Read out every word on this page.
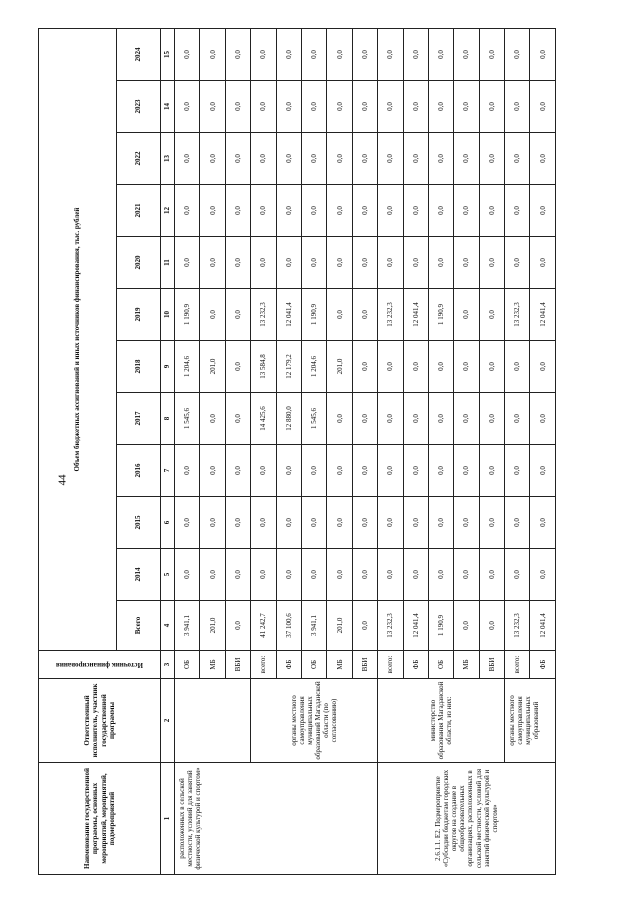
44
Наименование государственной программы, основных мероприятий, мероприятий, подмероприятий	Ответственный исполнитель, участник государственной программы	Источник финансирования	Объем бюджетных ассигнований и иных источников финансирования, тыс. рублей											
			Всего	2014	2015	2016	2017	2018	2019	2020	2021	2022	2023	2024
1	2	3	4	5	6	7	8	9	10	11	12	13	14	15
расположенных в сельской местности, условий для занятий физической культурой и спортом»		ОБ	3 941,1	0,0	0,0	0,0	1 545,6	1 204,6	1 190,9	0,0	0,0	0,0	0,0	0,0
		МБ	201,0	0,0	0,0	0,0	0,0	201,0	0,0	0,0	0,0	0,0	0,0	0,0
		ВБИ	0,0	0,0	0,0	0,0	0,0	0,0	0,0	0,0	0,0	0,0	0,0	0,0
	органы местного самоуправления муниципальных образований Магаданской области (по согласованию)	всего:	41 242,7	0,0	0,0	0,0	14 425,6	13 584,8	13 232,3	0,0	0,0	0,0	0,0	0,0
		ФБ	37 100,6	0,0	0,0	0,0	12 880,0	12 179,2	12 041,4	0,0	0,0	0,0	0,0	0,0
		ОБ	3 941,1	0,0	0,0	0,0	1 545,6	1 204,6	1 190,9	0,0	0,0	0,0	0,0	0,0
		МБ	201,0	0,0	0,0	0,0	0,0	201,0	0,0	0,0	0,0	0,0	0,0	0,0
		ВБИ	0,0	0,0	0,0	0,0	0,0	0,0	0,0	0,0	0,0	0,0	0,0	0,0
2.6.1.1. Е2. Подмероприятие «Субсидии бюджетам городских округов на создание в общеобразовательных организациях, расположенных в сельской местности, условий для занятий физической культурой и спортом»	министерство образования Магаданской области, из них:	всего:	13 232,3	0,0	0,0	0,0	0,0	0,0	13 232,3	0,0	0,0	0,0	0,0	0,0
		ФБ	12 041,4	0,0	0,0	0,0	0,0	0,0	12 041,4	0,0	0,0	0,0	0,0	0,0
		ОБ	1 190,9	0,0	0,0	0,0	0,0	0,0	1 190,9	0,0	0,0	0,0	0,0	0,0
		МБ	0,0	0,0	0,0	0,0	0,0	0,0	0,0	0,0	0,0	0,0	0,0	0,0
		ВБИ	0,0	0,0	0,0	0,0	0,0	0,0	0,0	0,0	0,0	0,0	0,0	0,0
	органы местного самоуправления муниципальных образований	всего:	13 232,3	0,0	0,0	0,0	0,0	0,0	13 232,3	0,0	0,0	0,0	0,0	0,0
		ФБ	12 041,4	0,0	0,0	0,0	0,0	0,0	12 041,4	0,0	0,0	0,0	0,0	0,0
